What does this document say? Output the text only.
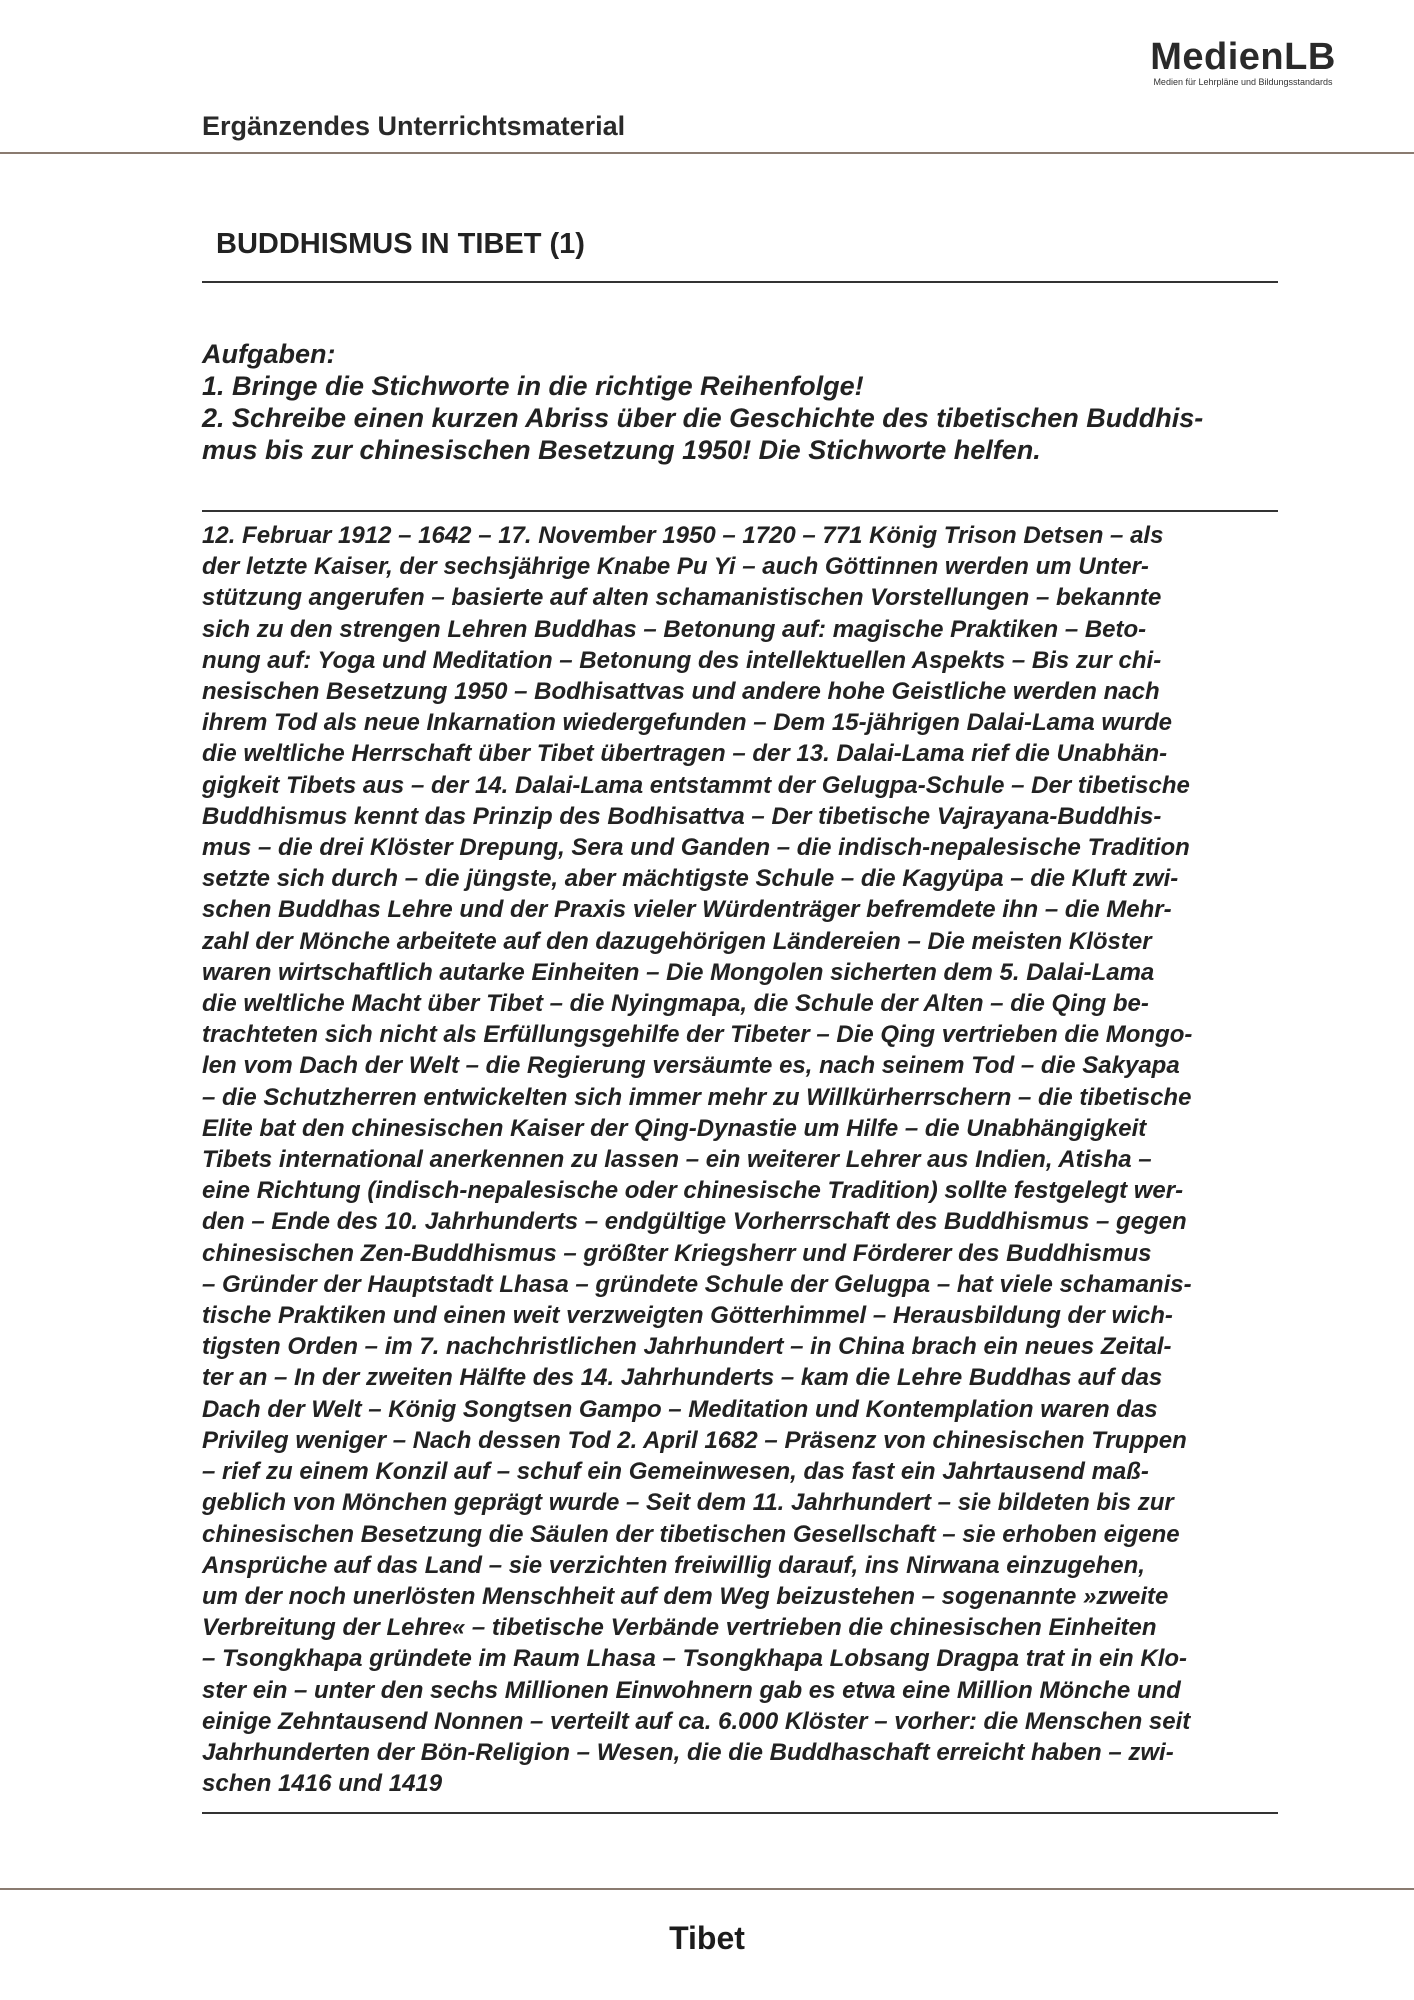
MedienLB
Medien für Lehrpläne und Bildungsstandards
Ergänzendes Unterrichtsmaterial
BUDDHISMUS IN TIBET (1)
Aufgaben:
1. Bringe die Stichworte in die richtige Reihenfolge!
2. Schreibe einen kurzen Abriss über die Geschichte des tibetischen Buddhis-
mus bis zur chinesischen Besetzung 1950! Die Stichworte helfen.
12. Februar 1912 – 1642 – 17. November 1950 – 1720 – 771 König Trison Detsen – als
der letzte Kaiser, der sechsjährige Knabe Pu Yi – auch Göttinnen werden um Unter-
stützung angerufen – basierte auf alten schamanistischen Vorstellungen – bekannte
sich zu den strengen Lehren Buddhas – Betonung auf: magische Praktiken – Beto-
nung auf: Yoga und Meditation – Betonung des intellektuellen Aspekts – Bis zur chi-
nesischen Besetzung 1950 – Bodhisattvas und andere hohe Geistliche werden nach
ihrem Tod als neue Inkarnation wiedergefunden – Dem 15-jährigen Dalai-Lama wurde
die weltliche Herrschaft über Tibet übertragen – der 13. Dalai-Lama rief die Unabhän-
gigkeit Tibets aus – der 14. Dalai-Lama entstammt der Gelugpa-Schule – Der tibetische
Buddhismus kennt das Prinzip des Bodhisattva – Der tibetische Vajrayana-Buddhis-
mus – die drei Klöster Drepung, Sera und Ganden – die indisch-nepalesische Tradition
setzte sich durch – die jüngste, aber mächtigste Schule – die Kagyüpa – die Kluft zwi-
schen Buddhas Lehre und der Praxis vieler Würdenträger befremdete ihn – die Mehr-
zahl der Mönche arbeitete auf den dazugehörigen Ländereien – Die meisten Klöster
waren wirtschaftlich autarke Einheiten – Die Mongolen sicherten dem 5. Dalai-Lama
die weltliche Macht über Tibet – die Nyingmapa, die Schule der Alten – die Qing be-
trachteten sich nicht als Erfüllungsgehilfe der Tibeter – Die Qing vertrieben die Mongo-
len vom Dach der Welt – die Regierung versäumte es, nach seinem Tod – die Sakyapa
– die Schutzherren entwickelten sich immer mehr zu Willkürherrschern – die tibetische
Elite bat den chinesischen Kaiser der Qing-Dynastie um Hilfe – die Unabhängigkeit
Tibets international anerkennen zu lassen – ein weiterer Lehrer aus Indien, Atisha –
eine Richtung (indisch-nepalesische oder chinesische Tradition) sollte festgelegt wer-
den – Ende des 10. Jahrhunderts – endgültige Vorherrschaft des Buddhismus – gegen
chinesischen Zen-Buddhismus – größter Kriegsherr und Förderer des Buddhismus
– Gründer der Hauptstadt Lhasa – gründete Schule der Gelugpa – hat viele schamanis-
tische Praktiken und einen weit verzweigten Götterhimmel – Herausbildung der wich-
tigsten Orden – im 7. nachchristlichen Jahrhundert – in China brach ein neues Zeital-
ter an – In der zweiten Hälfte des 14. Jahrhunderts – kam die Lehre Buddhas auf das
Dach der Welt – König Songtsen Gampo – Meditation und Kontemplation waren das
Privileg weniger – Nach dessen Tod 2. April 1682 – Präsenz von chinesischen Truppen
– rief zu einem Konzil auf – schuf ein Gemeinwesen, das fast ein Jahrtausend maß-
geblich von Mönchen geprägt wurde – Seit dem 11. Jahrhundert – sie bildeten bis zur
chinesischen Besetzung die Säulen der tibetischen Gesellschaft – sie erhoben eigene
Ansprüche auf das Land – sie verzichten freiwillig darauf, ins Nirwana einzugehen,
um der noch unerlösten Menschheit auf dem Weg beizustehen – sogenannte »zweite
Verbreitung der Lehre« – tibetische Verbände vertrieben die chinesischen Einheiten
– Tsongkhapa gründete im Raum Lhasa – Tsongkhapa Lobsang Dragpa trat in ein Klo-
ster ein – unter den sechs Millionen Einwohnern gab es etwa eine Million Mönche und
einige Zehntausend Nonnen – verteilt auf ca. 6.000 Klöster – vorher: die Menschen seit
Jahrhunderten der Bön-Religion – Wesen, die die Buddhaschaft erreicht haben – zwi-
schen 1416 und 1419
Tibet
